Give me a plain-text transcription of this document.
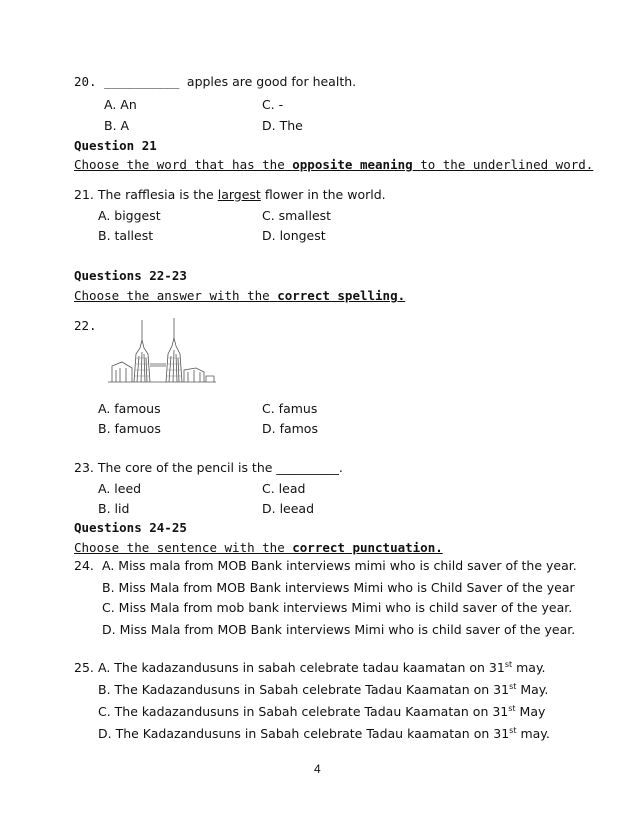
20. __________ apples are good for health.
A. An	C. -
B. A	D. The
Question 21
Choose the word that has the opposite meaning to the underlined word.
21. The rafflesia is the largest flower in the world.
A. biggest	C. smallest
B. tallest	D. longest
Questions 22-23
Choose the answer with the correct spelling.
22.
A. famous	C. famus
B. famuos	D. famos
23. The core of the pencil is the __________.
A. leed	C. lead
B. lid	D. leead
Questions 24-25
Choose the sentence with the correct punctuation.
24. A. Miss mala from MOB Bank interviews mimi who is child saver of the year.
B. Miss Mala from MOB Bank interviews Mimi who is Child Saver of the year
C. Miss Mala from mob bank interviews Mimi who is child saver of the year.
D. Miss Mala from MOB Bank interviews Mimi who is child saver of the year.
25. A. The kadazandusuns in sabah celebrate tadau kaamatan on 31st may.
B. The Kadazandusuns in Sabah celebrate Tadau Kaamatan on 31st May.
C. The kadazandusuns in Sabah celebrate Tadau Kaamatan on 31st May
D. The Kadazandusuns in Sabah celebrate Tadau kaamatan on 31st may.
4
